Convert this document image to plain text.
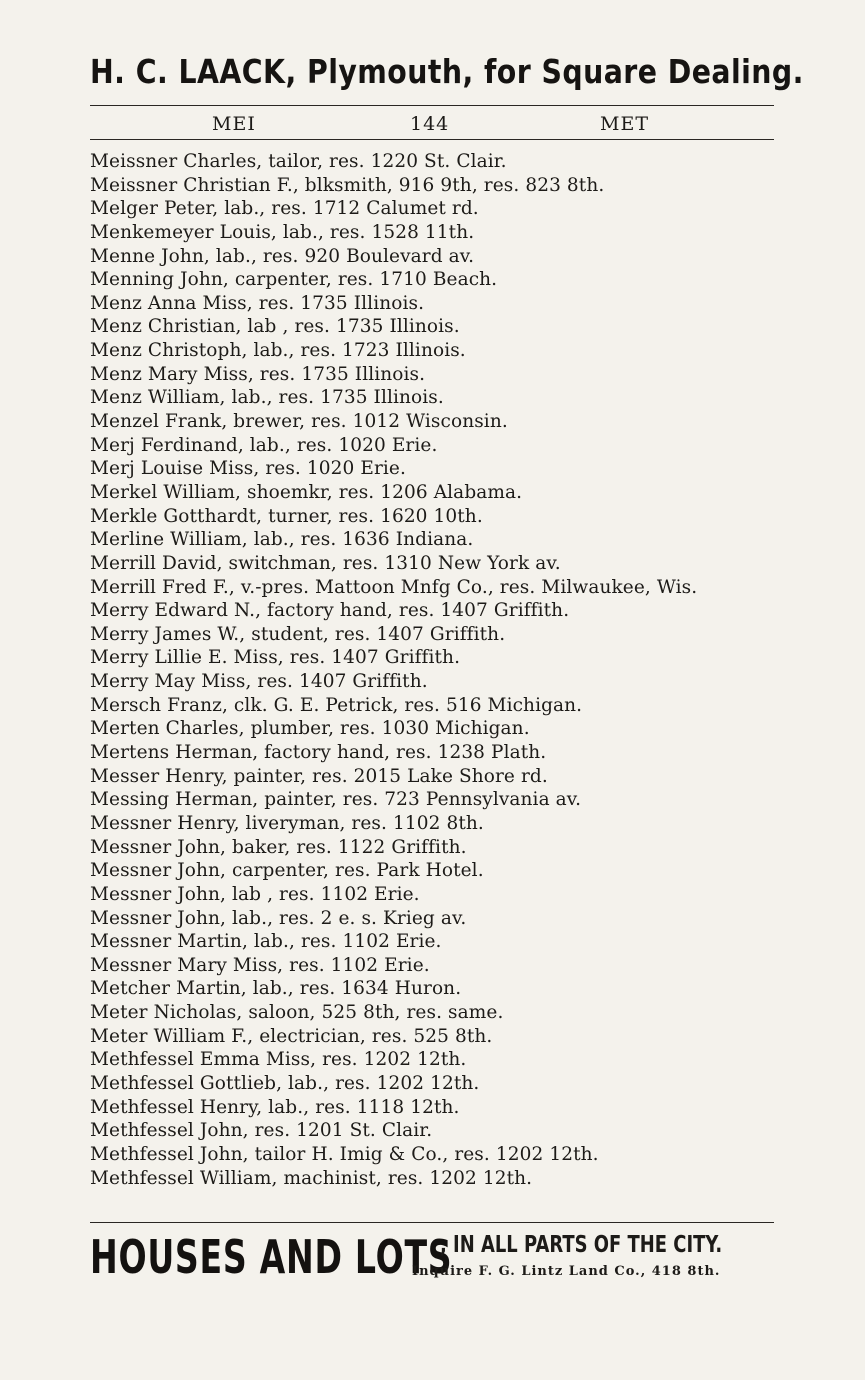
H. C. LAACK, Plymouth, for Square Dealing.
MEI	144	MET
Meissner Charles, tailor, res. 1220 St. Clair.
Meissner Christian F., blksmith, 916 9th, res. 823 8th.
Melger Peter, lab., res. 1712 Calumet rd.
Menkemeyer Louis, lab., res. 1528 11th.
Menne John, lab., res. 920 Boulevard av.
Menning John, carpenter, res. 1710 Beach.
Menz Anna Miss, res. 1735 Illinois.
Menz Christian, lab , res. 1735 Illinois.
Menz Christoph, lab., res. 1723 Illinois.
Menz Mary Miss, res. 1735 Illinois.
Menz William, lab., res. 1735 Illinois.
Menzel Frank, brewer, res. 1012 Wisconsin.
Merj Ferdinand, lab., res. 1020 Erie.
Merj Louise Miss, res. 1020 Erie.
Merkel William, shoemkr, res. 1206 Alabama.
Merkle Gotthardt, turner, res. 1620 10th.
Merline William, lab., res. 1636 Indiana.
Merrill David, switchman, res. 1310 New York av.
Merrill Fred F., v.-pres. Mattoon Mnfg Co., res. Milwaukee, Wis.
Merry Edward N., factory hand, res. 1407 Griffith.
Merry James W., student, res. 1407 Griffith.
Merry Lillie E. Miss, res. 1407 Griffith.
Merry May Miss, res. 1407 Griffith.
Mersch Franz, clk. G. E. Petrick, res. 516 Michigan.
Merten Charles, plumber, res. 1030 Michigan.
Mertens Herman, factory hand, res. 1238 Plath.
Messer Henry, painter, res. 2015 Lake Shore rd.
Messing Herman, painter, res. 723 Pennsylvania av.
Messner Henry, liveryman, res. 1102 8th.
Messner John, baker, res. 1122 Griffith.
Messner John, carpenter, res. Park Hotel.
Messner John, lab , res. 1102 Erie.
Messner John, lab., res. 2 e. s. Krieg av.
Messner Martin, lab., res. 1102 Erie.
Messner Mary Miss, res. 1102 Erie.
Metcher Martin, lab., res. 1634 Huron.
Meter Nicholas, saloon, 525 8th, res. same.
Meter William F., electrician, res. 525 8th.
Methfessel Emma Miss, res. 1202 12th.
Methfessel Gottlieb, lab., res. 1202 12th.
Methfessel Henry, lab., res. 1118 12th.
Methfessel John, res. 1201 St. Clair.
Methfessel John, tailor H. Imig & Co., res. 1202 12th.
Methfessel William, machinist, res. 1202 12th.
HOUSES AND LOTS
, IN ALL PARTS OF THE CITY.
Inquire F. G. Lintz Land Co., 418 8th.
